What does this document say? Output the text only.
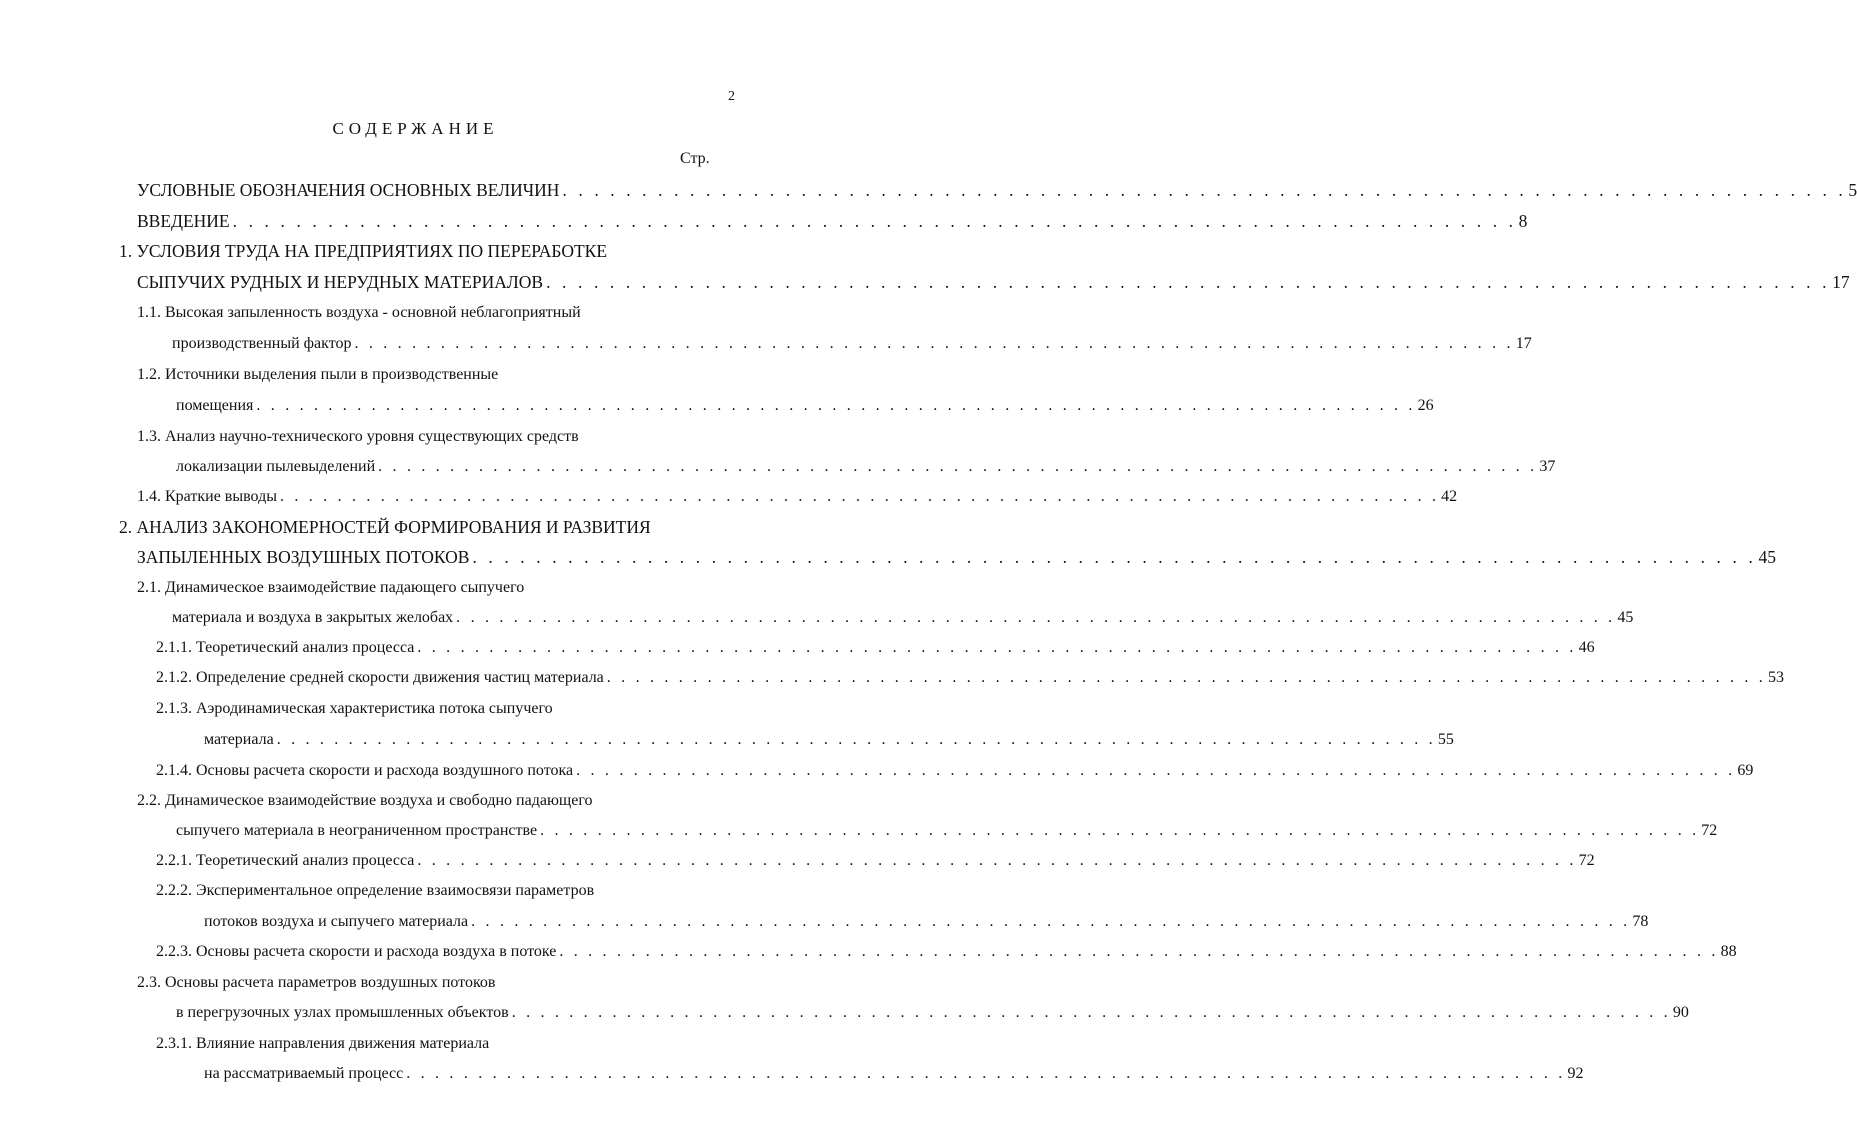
2
СОДЕРЖАНИЕ
Стр.
УСЛОВНЫЕ ОБОЗНАЧЕНИЯ ОСНОВНЫХ ВЕЛИЧИН . . . . . . . . . . . . . . . . . . . . . . . . . . . . . . . . . . . . . . . . . . . . . . . . . . . . . . . . . . . . . . . . . . . . . . . . . . . . . . . . . 5
ВВЕДЕНИЕ . . . . . . . . . . . . . . . . . . . . . . . . . . . . . . . . . . . . . . . . . . . . . . . . . . . . . . . . . . . . . . . . . . . . . . . . . . . . . . . . . 8
1. УСЛОВИЯ ТРУДА НА ПРЕДПРИЯТИЯХ ПО ПЕРЕРАБОТКЕ
СЫПУЧИХ РУДНЫХ И НЕРУДНЫХ МАТЕРИАЛОВ . . . . . . . . . . . . . . . . . . . . . . . . . . . . . . . . . . . . . . . . . . . . . . . . . . . . . . . . . . . . . . . . . . . . . . . . . . . . . . . . . 17
1.1. Высокая запыленность воздуха - основной неблагоприятный
производственный фактор . . . . . . . . . . . . . . . . . . . . . . . . . . . . . . . . . . . . . . . . . . . . . . . . . . . . . . . . . . . . . . . . . . . . . . . . . . . . . . . . . 17
1.2. Источники выделения пыли в производственные
помещения . . . . . . . . . . . . . . . . . . . . . . . . . . . . . . . . . . . . . . . . . . . . . . . . . . . . . . . . . . . . . . . . . . . . . . . . . . . . . . . . . 26
1.3. Анализ научно-технического уровня существующих средств
локализации пылевыделений . . . . . . . . . . . . . . . . . . . . . . . . . . . . . . . . . . . . . . . . . . . . . . . . . . . . . . . . . . . . . . . . . . . . . . . . . . . . . . . . . 37
1.4. Краткие выводы . . . . . . . . . . . . . . . . . . . . . . . . . . . . . . . . . . . . . . . . . . . . . . . . . . . . . . . . . . . . . . . . . . . . . . . . . . . . . . . . . 42
2. АНАЛИЗ ЗАКОНОМЕРНОСТЕЙ ФОРМИРОВАНИЯ И РАЗВИТИЯ
ЗАПЫЛЕННЫХ ВОЗДУШНЫХ ПОТОКОВ . . . . . . . . . . . . . . . . . . . . . . . . . . . . . . . . . . . . . . . . . . . . . . . . . . . . . . . . . . . . . . . . . . . . . . . . . . . . . . . . . 45
2.1. Динамическое взаимодействие падающего сыпучего
материала и воздуха в закрытых желобах . . . . . . . . . . . . . . . . . . . . . . . . . . . . . . . . . . . . . . . . . . . . . . . . . . . . . . . . . . . . . . . . . . . . . . . . . . . . . . . . . 45
2.1.1. Теоретический анализ процесса . . . . . . . . . . . . . . . . . . . . . . . . . . . . . . . . . . . . . . . . . . . . . . . . . . . . . . . . . . . . . . . . . . . . . . . . . . . . . . . . . 46
2.1.2. Определение средней скорости движения частиц материала . . . . . . . . . . . . . . . . . . . . . . . . . . . . . . . . . . . . . . . . . . . . . . . . . . . . . . . . . . . . . . . . . . . . . . . . . . . . . . . . . 53
2.1.3. Аэродинамическая характеристика потока сыпучего
материала . . . . . . . . . . . . . . . . . . . . . . . . . . . . . . . . . . . . . . . . . . . . . . . . . . . . . . . . . . . . . . . . . . . . . . . . . . . . . . . . . 55
2.1.4. Основы расчета скорости и расхода воздушного потока . . . . . . . . . . . . . . . . . . . . . . . . . . . . . . . . . . . . . . . . . . . . . . . . . . . . . . . . . . . . . . . . . . . . . . . . . . . . . . . . . 69
2.2. Динамическое взаимодействие воздуха и свободно падающего
сыпучего материала в неограниченном пространстве . . . . . . . . . . . . . . . . . . . . . . . . . . . . . . . . . . . . . . . . . . . . . . . . . . . . . . . . . . . . . . . . . . . . . . . . . . . . . . . . . 72
2.2.1. Теоретический анализ процесса . . . . . . . . . . . . . . . . . . . . . . . . . . . . . . . . . . . . . . . . . . . . . . . . . . . . . . . . . . . . . . . . . . . . . . . . . . . . . . . . . 72
2.2.2. Экспериментальное определение взаимосвязи параметров
потоков воздуха и сыпучего материала . . . . . . . . . . . . . . . . . . . . . . . . . . . . . . . . . . . . . . . . . . . . . . . . . . . . . . . . . . . . . . . . . . . . . . . . . . . . . . . . . 78
2.2.3. Основы расчета скорости и расхода воздуха в потоке . . . . . . . . . . . . . . . . . . . . . . . . . . . . . . . . . . . . . . . . . . . . . . . . . . . . . . . . . . . . . . . . . . . . . . . . . . . . . . . . . 88
2.3. Основы расчета параметров воздушных потоков
в перегрузочных узлах промышленных объектов . . . . . . . . . . . . . . . . . . . . . . . . . . . . . . . . . . . . . . . . . . . . . . . . . . . . . . . . . . . . . . . . . . . . . . . . . . . . . . . . . 90
2.3.1. Влияние направления движения материала
на рассматриваемый процесс . . . . . . . . . . . . . . . . . . . . . . . . . . . . . . . . . . . . . . . . . . . . . . . . . . . . . . . . . . . . . . . . . . . . . . . . . . . . . . . . . 92
